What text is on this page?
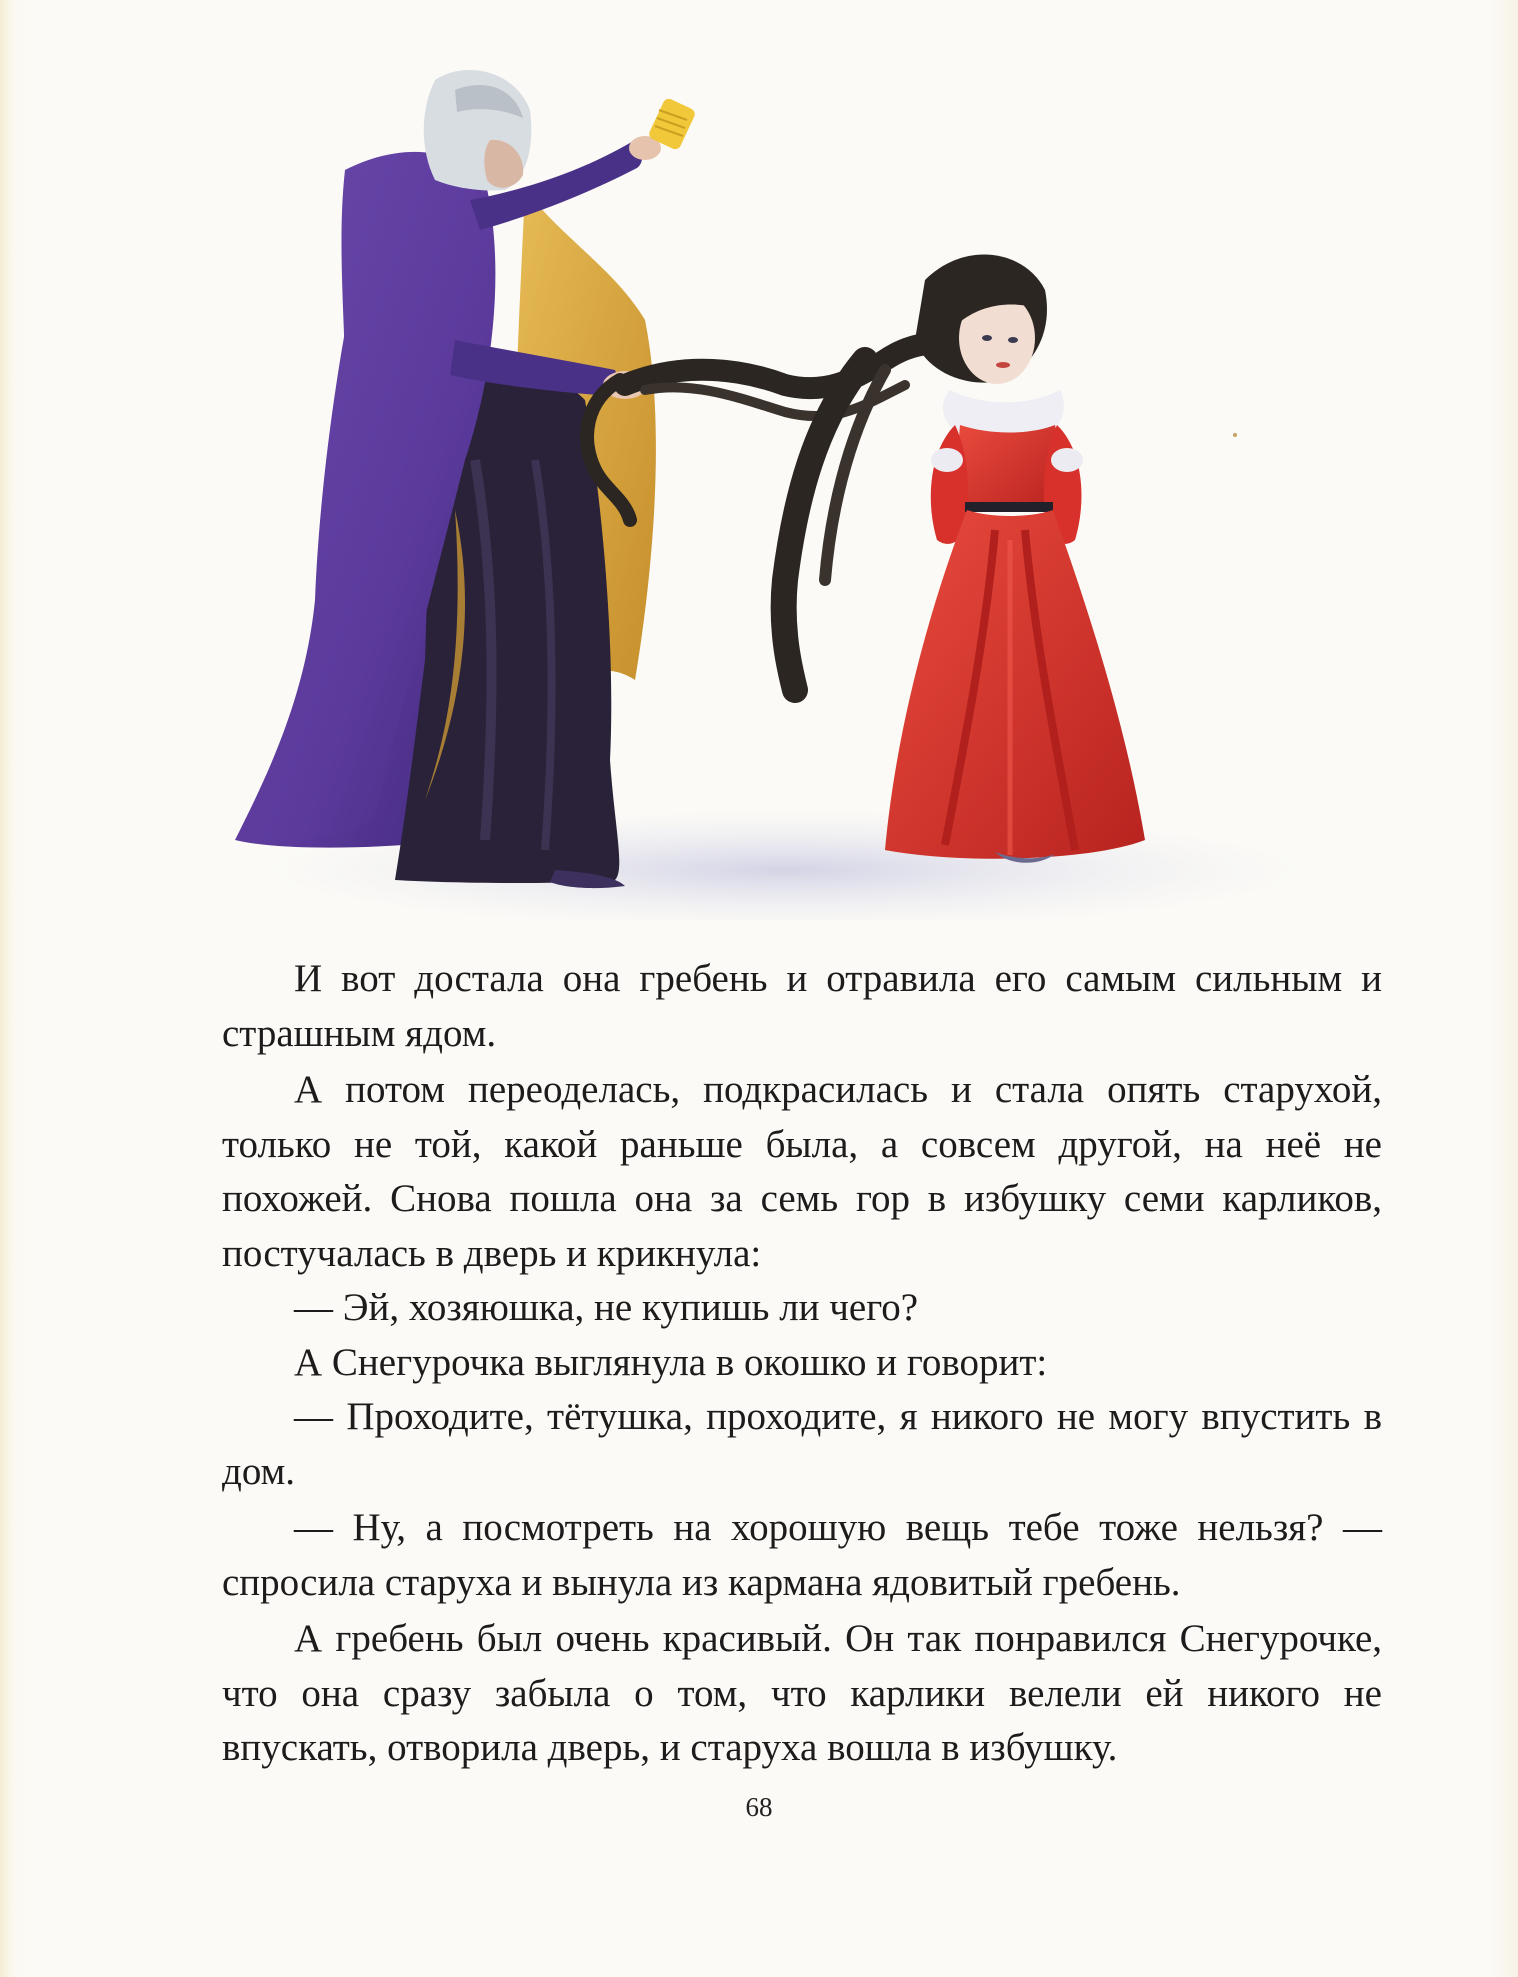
И вот достала она гребень и отравила его самым сильным и страшным ядом.

А потом переоделась, подкрасилась и стала опять старухой, только не той, какой раньше была, а совсем другой, на неё не похожей. Снова пошла она за семь гор в избушку семи карликов, постучалась в дверь и крикнула:

— Эй, хозяюшка, не купишь ли чего?

А Снегурочка выглянула в окошко и говорит:

— Проходите, тётушка, проходите, я никого не могу впустить в дом.

— Ну, а посмотреть на хорошую вещь тебе тоже нельзя? — спросила старуха и вынула из кармана ядовитый гребень.

А гребень был очень красивый. Он так понравился Снегурочке, что она сразу забыла о том, что карлики велели ей никого не впускать, отворила дверь, и старуха вошла в избушку.

68
